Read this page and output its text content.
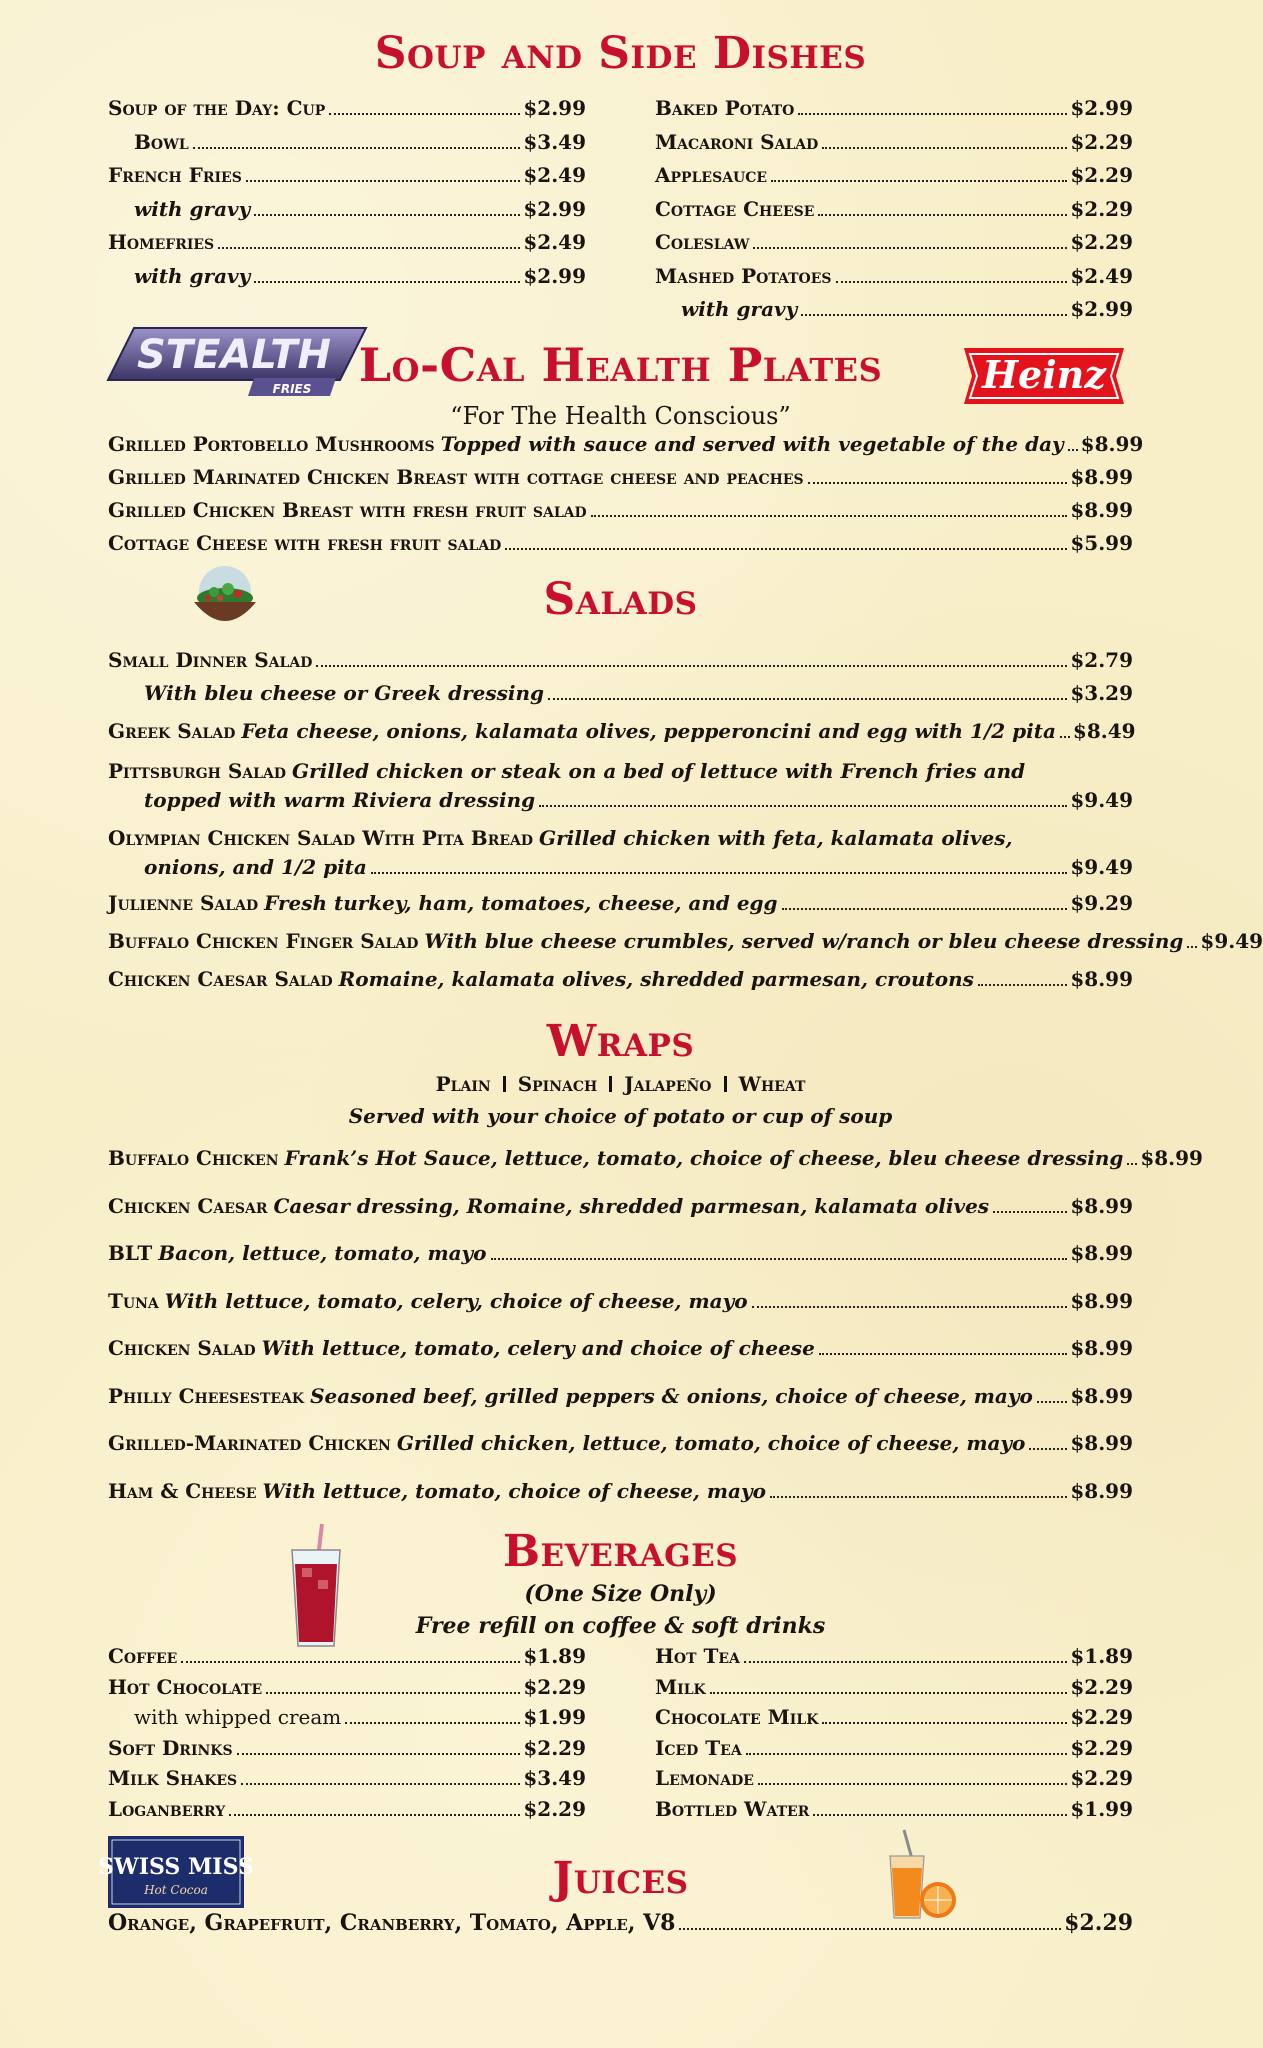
Soup and Side Dishes
Soup of the Day: Cup	$2.99
Bowl	$3.49
French Fries	$2.49
with gravy	$2.99
Homefries	$2.49
with gravy	$2.99
Baked Potato	$2.99
Macaroni Salad	$2.29
Applesauce	$2.29
Cottage Cheese	$2.29
Coleslaw	$2.29
Mashed Potatoes	$2.49
with gravy	$2.99
STEALTH
FRIES	Lo-Cal Health Plates	Heinz
“For The Health Conscious”
Grilled Portobello Mushrooms Topped with sauce and served with vegetable of the day $8.99
Grilled Marinated Chicken Breast with cottage cheese and peaches	$8.99
Grilled Chicken Breast with fresh fruit salad	$8.99
Cottage Cheese with fresh fruit salad	$5.99
Salads
Small Dinner Salad	$2.79
With bleu cheese or Greek dressing	$3.29
Greek Salad Feta cheese, onions, kalamata olives, pepperoncini and egg with 1/2 pita $8.49
Pittsburgh Salad Grilled chicken or steak on a bed of lettuce with French fries and
topped with warm Riviera dressing	$9.49
Olympian Chicken Salad With Pita Bread Grilled chicken with feta, kalamata olives,
onions, and 1/2 pita	$9.49
Julienne Salad Fresh turkey, ham, tomatoes, cheese, and egg	$9.29
Buffalo Chicken Finger Salad With blue cheese crumbles, served w/ranch or bleu cheese dressing $9.49
Chicken Caesar Salad Romaine, kalamata olives, shredded parmesan, croutons	$8.99
Wraps
Plain Spinach Jalapeño Wheat
Served with your choice of potato or cup of soup
Buffalo Chicken Frank’s Hot Sauce, lettuce, tomato, choice of cheese, bleu cheese dressing $8.99
Chicken Caesar Caesar dressing, Romaine, shredded parmesan, kalamata olives	$8.99
BLT Bacon, lettuce, tomato, mayo	$8.99
Tuna With lettuce, tomato, celery, choice of cheese, mayo	$8.99
Chicken Salad With lettuce, tomato, celery and choice of cheese	$8.99
Philly Cheesesteak Seasoned beef, grilled peppers & onions, choice of cheese, mayo $8.99
Grilled-Marinated Chicken Grilled chicken, lettuce, tomato, choice of cheese, mayo $8.99
Ham & Cheese With lettuce, tomato, choice of cheese, mayo	$8.99
Beverages
(One Size Only)
Free refill on coffee & soft drinks
Coffee	$1.89
Hot Chocolate	$2.29
with whipped cream	$1.99
Soft Drinks	$2.29
Milk Shakes	$3.49
Loganberry	$2.29
Hot Tea	$1.89
Milk	$2.29
Chocolate Milk	$2.29
Iced Tea	$2.29
Lemonade	$2.29
Bottled Water	$1.99
SWISS MISS
Hot Cocoa	Juices
Orange, Grapefruit, Cranberry, Tomato, Apple, V8	$2.29
